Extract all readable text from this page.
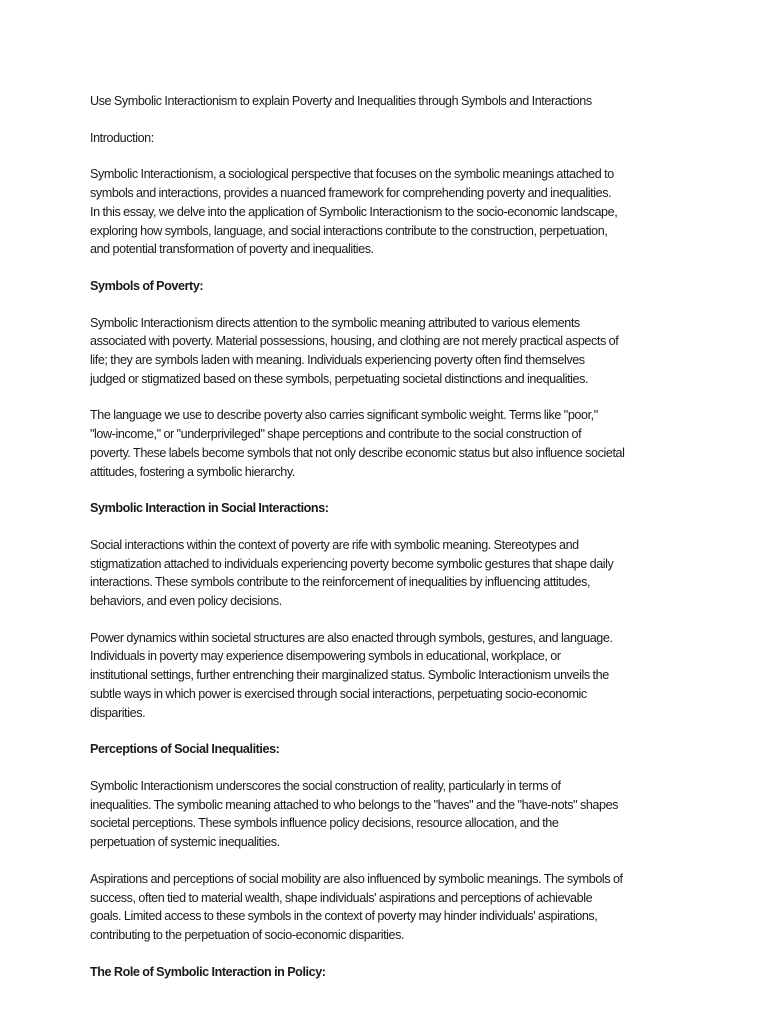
Use Symbolic Interactionism to explain Poverty and Inequalities through Symbols and Interactions

Introduction:

Symbolic Interactionism, a sociological perspective that focuses on the symbolic meanings attached to
symbols and interactions, provides a nuanced framework for comprehending poverty and inequalities.
In this essay, we delve into the application of Symbolic Interactionism to the socio-economic landscape,
exploring how symbols, language, and social interactions contribute to the construction, perpetuation,
and potential transformation of poverty and inequalities.

Symbols of Poverty:

Symbolic Interactionism directs attention to the symbolic meaning attributed to various elements
associated with poverty. Material possessions, housing, and clothing are not merely practical aspects of
life; they are symbols laden with meaning. Individuals experiencing poverty often find themselves
judged or stigmatized based on these symbols, perpetuating societal distinctions and inequalities.

The language we use to describe poverty also carries significant symbolic weight. Terms like "poor,"
"low-income," or "underprivileged" shape perceptions and contribute to the social construction of
poverty. These labels become symbols that not only describe economic status but also influence societal
attitudes, fostering a symbolic hierarchy.

Symbolic Interaction in Social Interactions:

Social interactions within the context of poverty are rife with symbolic meaning. Stereotypes and
stigmatization attached to individuals experiencing poverty become symbolic gestures that shape daily
interactions. These symbols contribute to the reinforcement of inequalities by influencing attitudes,
behaviors, and even policy decisions.

Power dynamics within societal structures are also enacted through symbols, gestures, and language.
Individuals in poverty may experience disempowering symbols in educational, workplace, or
institutional settings, further entrenching their marginalized status. Symbolic Interactionism unveils the
subtle ways in which power is exercised through social interactions, perpetuating socio-economic
disparities.

Perceptions of Social Inequalities:

Symbolic Interactionism underscores the social construction of reality, particularly in terms of
inequalities. The symbolic meaning attached to who belongs to the "haves" and the "have-nots" shapes
societal perceptions. These symbols influence policy decisions, resource allocation, and the
perpetuation of systemic inequalities.

Aspirations and perceptions of social mobility are also influenced by symbolic meanings. The symbols of
success, often tied to material wealth, shape individuals' aspirations and perceptions of achievable
goals. Limited access to these symbols in the context of poverty may hinder individuals' aspirations,
contributing to the perpetuation of socio-economic disparities.

The Role of Symbolic Interaction in Policy:
